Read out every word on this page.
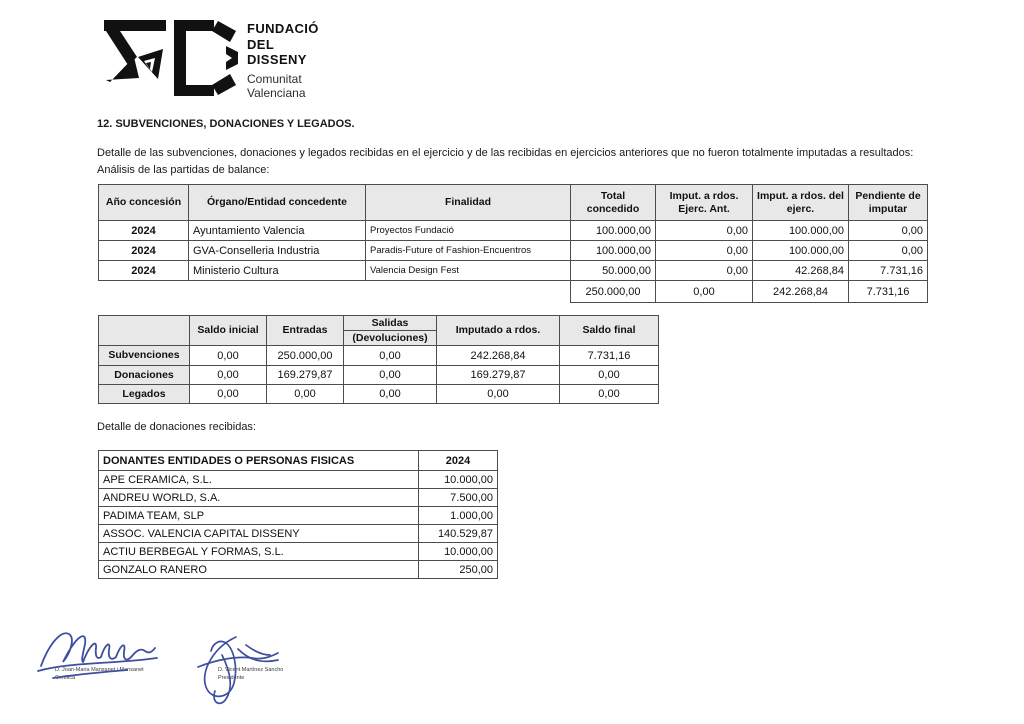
FUNDACIÓ
DEL
DISSENY
Comunitat
Valenciana
12. SUBVENCIONES, DONACIONES Y LEGADOS.
Detalle de las subvenciones, donaciones y legados recibidas en el ejercicio y de las recibidas en ejercicios anteriores que no fueron totalmente imputadas a resultados:
Análisis de las partidas de balance:
Año concesión	Órgano/Entidad concedente	Finalidad	Total concedido	Imput. a rdos. Ejerc. Ant.	Imput. a rdos. del ejerc.	Pendiente de imputar
2024	Ayuntamiento Valencia	Proyectos Fundació	100.000,00	0,00	100.000,00	0,00
2024	GVA-Conselleria Industria	Paradis-Future of Fashion-Encuentros	100.000,00	0,00	100.000,00	0,00
2024	Ministerio Cultura	Valencia Design Fest	50.000,00	0,00	42.268,84	7.731,16
			250.000,00	0,00	242.268,84	7.731,16
	Saldo inicial	Entradas	Salidas	Imputado a rdos.	Saldo final
			(Devoluciones)		
Subvenciones	0,00	250.000,00	0,00	242.268,84	7.731,16
Donaciones	0,00	169.279,87	0,00	169.279,87	0,00
Legados	0,00	0,00	0,00	0,00	0,00
Detalle de donaciones recibidas:
DONANTES ENTIDADES O PERSONAS FISICAS	2024
APE CERAMICA, S.L.	10.000,00
ANDREU WORLD, S.A.	7.500,00
PADIMA TEAM, SLP	1.000,00
ASSOC. VALENCIA CAPITAL DISSENY	140.529,87
ACTIU BERBEGAL Y FORMAS, S.L.	10.000,00
GONZALO RANERO	250,00
D. Joan-Maria Mansanet i Mansanet
Certifica
D. Vicent Martínez Sancho
Presidente
